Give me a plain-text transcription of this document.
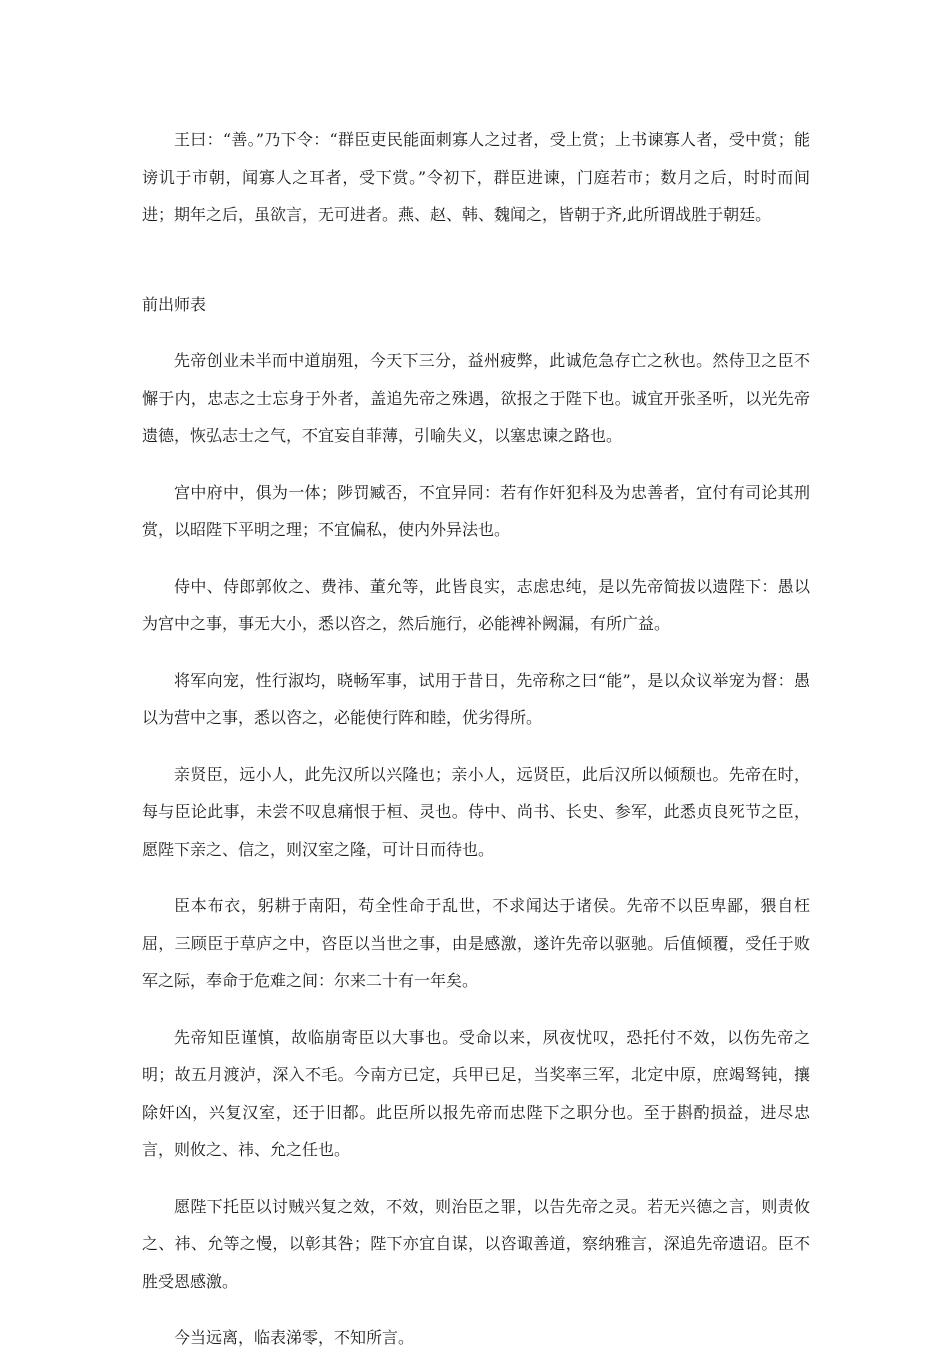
王曰：“善。”乃下令：“群臣吏民能面刺寡人之过者，受上赏；上书谏寡人者，受中赏；能谤讥于市朝，闻寡人之耳者，受下赏。”令初下，群臣进谏，门庭若市；数月之后，时时而间进；期年之后，虽欲言，无可进者。燕、赵、韩、魏闻之，皆朝于齐,此所谓战胜于朝廷。

前出师表

先帝创业未半而中道崩殂，今天下三分，益州疲弊，此诚危急存亡之秋也。然侍卫之臣不懈于内，忠志之士忘身于外者，盖追先帝之殊遇，欲报之于陛下也。诚宜开张圣听，以光先帝遗德，恢弘志士之气，不宜妄自菲薄，引喻失义，以塞忠谏之路也。

宫中府中，俱为一体；陟罚臧否，不宜异同：若有作奸犯科及为忠善者，宜付有司论其刑赏，以昭陛下平明之理；不宜偏私，使内外异法也。

侍中、侍郎郭攸之、费祎、董允等，此皆良实，志虑忠纯，是以先帝简拔以遗陛下：愚以为宫中之事，事无大小，悉以咨之，然后施行，必能裨补阙漏，有所广益。

将军向宠，性行淑均，晓畅军事，试用于昔日，先帝称之曰“能”，是以众议举宠为督：愚以为营中之事，悉以咨之，必能使行阵和睦，优劣得所。

亲贤臣，远小人，此先汉所以兴隆也；亲小人，远贤臣，此后汉所以倾颓也。先帝在时，每与臣论此事，未尝不叹息痛恨于桓、灵也。侍中、尚书、长史、参军，此悉贞良死节之臣，愿陛下亲之、信之，则汉室之隆，可计日而待也。

臣本布衣，躬耕于南阳，苟全性命于乱世，不求闻达于诸侯。先帝不以臣卑鄙，猥自枉屈，三顾臣于草庐之中，咨臣以当世之事，由是感激，遂许先帝以驱驰。后值倾覆，受任于败军之际，奉命于危难之间：尔来二十有一年矣。

先帝知臣谨慎，故临崩寄臣以大事也。受命以来，夙夜忧叹，恐托付不效，以伤先帝之明；故五月渡泸，深入不毛。今南方已定，兵甲已足，当奖率三军，北定中原，庶竭驽钝，攘除奸凶，兴复汉室，还于旧都。此臣所以报先帝而忠陛下之职分也。至于斟酌损益，进尽忠言，则攸之、祎、允之任也。

愿陛下托臣以讨贼兴复之效，不效，则治臣之罪，以告先帝之灵。若无兴德之言，则责攸之、祎、允等之慢，以彰其咎；陛下亦宜自谋，以咨诹善道，察纳雅言，深追先帝遗诏。臣不胜受恩感激。

今当远离，临表涕零，不知所言。
